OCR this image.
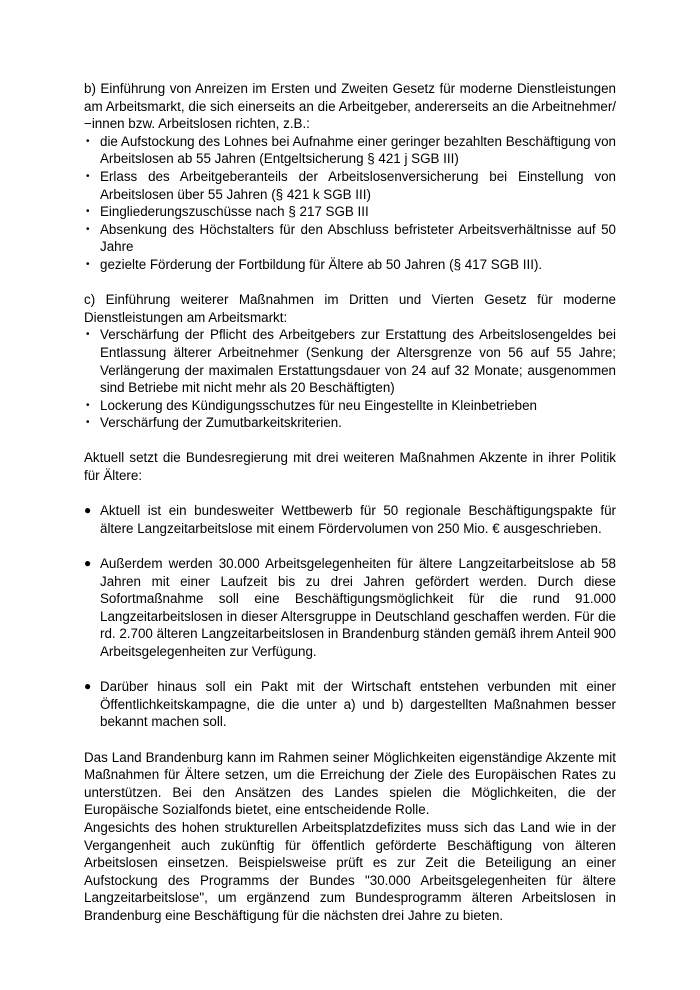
b) Einführung von Anreizen im Ersten und Zweiten Gesetz für moderne Dienstleistungen am Arbeitsmarkt, die sich einerseits an die Arbeitgeber, andererseits an die Arbeitnehmer/−innen bzw. Arbeitslosen richten, z.B.:

• die Aufstockung des Lohnes bei Aufnahme einer geringer bezahlten Beschäftigung von Arbeitslosen ab 55 Jahren (Entgeltsicherung § 421 j SGB III)
• Erlass des Arbeitgeberanteils der Arbeitslosenversicherung bei Einstellung von Arbeitslosen über 55 Jahren (§ 421 k SGB III)
• Eingliederungszuschüsse nach § 217 SGB III
• Absenkung des Höchstalters für den Abschluss befristeter Arbeitsverhältnisse auf 50 Jahre
• gezielte Förderung der Fortbildung für Ältere ab 50 Jahren (§ 417 SGB III).

c) Einführung weiterer Maßnahmen im Dritten und Vierten Gesetz für moderne Dienstleistungen am Arbeitsmarkt:

• Verschärfung der Pflicht des Arbeitgebers zur Erstattung des Arbeitslosengeldes bei Entlassung älterer Arbeitnehmer (Senkung der Altersgrenze von 56 auf 55 Jahre; Verlängerung der maximalen Erstattungsdauer von 24 auf 32 Monate; ausgenommen sind Betriebe mit nicht mehr als 20 Beschäftigten)
• Lockerung des Kündigungsschutzes für neu Eingestellte in Kleinbetrieben
• Verschärfung der Zumutbarkeitskriterien.

Aktuell setzt die Bundesregierung mit drei weiteren Maßnahmen Akzente in ihrer Politik für Ältere:

● Aktuell ist ein bundesweiter Wettbewerb für 50 regionale Beschäftigungspakte für ältere Langzeitarbeitslose mit einem Fördervolumen von 250 Mio. € ausgeschrieben.
● Außerdem werden 30.000 Arbeitsgelegenheiten für ältere Langzeitarbeitslose ab 58 Jahren mit einer Laufzeit bis zu drei Jahren gefördert werden. Durch diese Sofortmaßnahme soll eine Beschäftigungsmöglichkeit für die rund 91.000 Langzeitarbeitslosen in dieser Altersgruppe in Deutschland geschaffen werden. Für die rd. 2.700 älteren Langzeitarbeitslosen in Brandenburg ständen gemäß ihrem Anteil 900 Arbeitsgelegenheiten zur Verfügung.
● Darüber hinaus soll ein Pakt mit der Wirtschaft entstehen verbunden mit einer Öffentlichkeitskampagne, die die unter a) und b) dargestellten Maßnahmen besser bekannt machen soll.

Das Land Brandenburg kann im Rahmen seiner Möglichkeiten eigenständige Akzente mit Maßnahmen für Ältere setzen, um die Erreichung der Ziele des Europäischen Rates zu unterstützen. Bei den Ansätzen des Landes spielen die Möglichkeiten, die der Europäische Sozialfonds bietet, eine entscheidende Rolle.

Angesichts des hohen strukturellen Arbeitsplatzdefizites muss sich das Land wie in der Vergangenheit auch zukünftig für öffentlich geförderte Beschäftigung von älteren Arbeitslosen einsetzen. Beispielsweise prüft es zur Zeit die Beteiligung an einer Aufstockung des Programms der Bundes "30.000 Arbeitsgelegenheiten für ältere Langzeitarbeitslose", um ergänzend zum Bundesprogramm älteren Arbeitslosen in Brandenburg eine Beschäftigung für die nächsten drei Jahre zu bieten.
